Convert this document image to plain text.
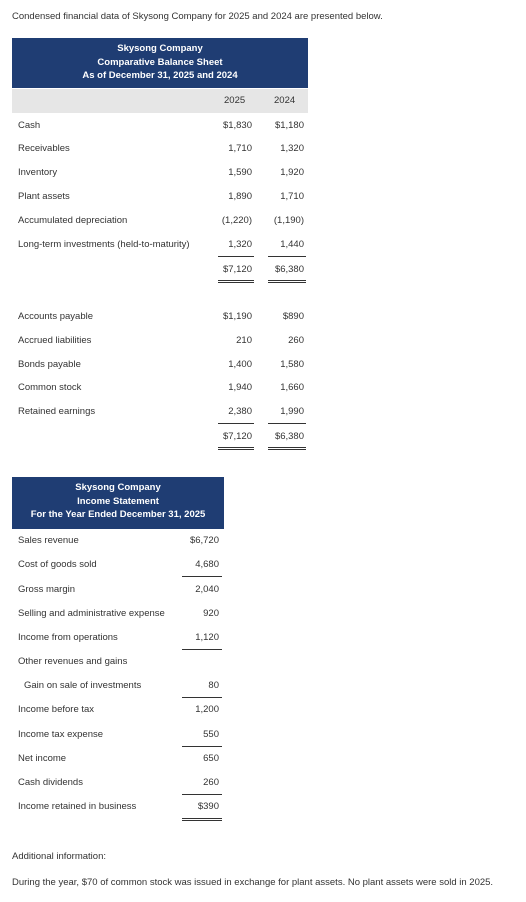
Condensed financial data of Skysong Company for 2025 and 2024 are presented below.
Skysong Company
Comparative Balance Sheet
As of December 31, 2025 and 2024
2025	2024
Cash	$1,830	$1,180
Receivables	1,710	1,320
Inventory	1,590	1,920
Plant assets	1,890	1,710
Accumulated depreciation	(1,220)	(1,190)
Long-term investments (held-to-maturity)	1,320	1,440
$7,120	$6,380
Accounts payable	$1,190	$890
Accrued liabilities	210	260
Bonds payable	1,400	1,580
Common stock	1,940	1,660
Retained earnings	2,380	1,990
$7,120	$6,380
Sales revenue	$6,720
Cost of goods sold	4,680
Gross margin	2,040
Selling and administrative expense	920
Income from operations	1,120
Other revenues and gains
Gain on sale of investments	80
Income before tax	1,200
Income tax expense	550
Net income	650
Cash dividends	260
Income retained in business	$390
Skysong Company
Income Statement
For the Year Ended December 31, 2025
Additional information:
During the year, $70 of common stock was issued in exchange for plant assets. No plant assets were sold in 2025.
